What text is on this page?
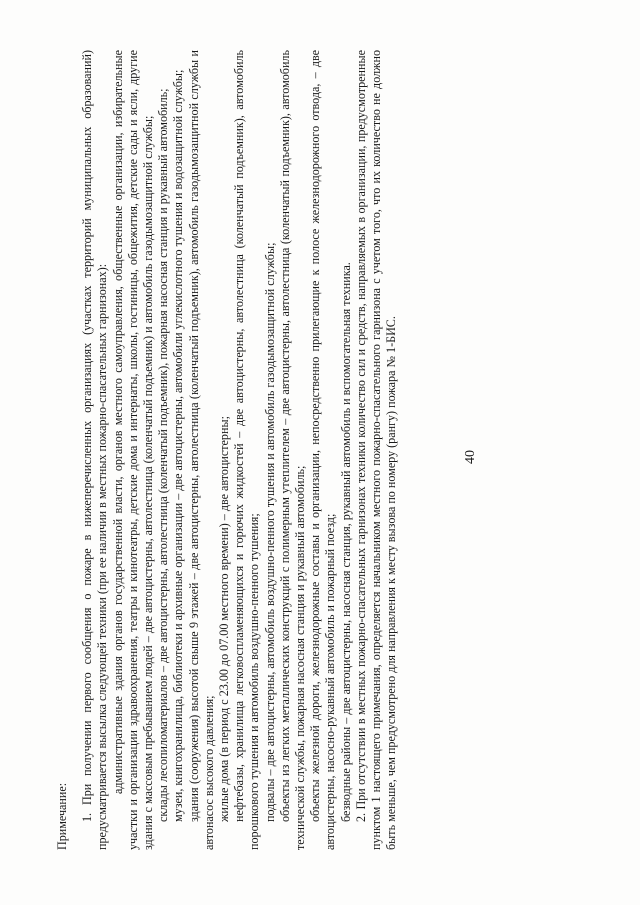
40

Примечание: 1. При получении первого сообщения о пожаре в нижеперечисленных организациях (участках территорий муниципальных образований) предусматривается высылка следующей техники (при ее наличии в местных пожарно-спасательных гарнизонах): административные здания органов государственной власти, органов местного самоуправления, общественные организации, избирательные участки и организации здравоохранения, театры и кинотеатры, детские дома и интернаты, школы, гостиницы, общежития, детские сады и ясли, другие здания с массовым пребыванием людей – две автоцистерны, автолестница (коленчатый подъемник) и автомобиль газодымозащитной службы; склады лесопиломатериалов – две автоцистерны, автолестница (коленчатый подъемник), пожарная насосная станция и рукавный автомобиль; музеи, книгохранилища, библиотеки и архивные организации – две автоцистерны, автомобили углекислотного тушения и водозащитной службы; здания (сооружения) высотой свыше 9 этажей – две автоцистерны, автолестница (коленчатый подъемник), автомобиль газодымозащитной службы и автонасос высокого давления; жилые дома (в период с 23.00 до 07.00 местного времени) – две автоцистерны; нефтебазы, хранилища легковоспламеняющихся и горючих жидкостей – две автоцистерны, автолестница (коленчатый подъемник), автомобиль порошкового тушения и автомобиль воздушно-пенного тушения; подвалы – две автоцистерны, автомобиль воздушно-пенного тушения и автомобиль газодымозащитной службы; объекты из легких металлических конструкций с полимерным утеплителем – две автоцистерны, автолестница (коленчатый подъемник), автомобиль технической службы, пожарная насосная станция и рукавный автомобиль; объекты железной дороги, железнодорожные составы и организации, непосредственно прилегающие к полосе железнодорожного отвода, – две автоцистерны, насосно-рукавный автомобиль и пожарный поезд; безводные районы – две автоцистерны, насосная станция, рукавный автомобиль и вспомогательная техника. 2. При отсутствии в местных пожарно-спасательных гарнизонах техники количество сил и средств, направляемых в организации, предусмотренные пунктом 1 настоящего примечания, определяется начальником местного пожарно-спасательного гарнизона с учетом того, что их количество не должно быть меньше, чем предусмотрено для направления к месту вызова по номеру (рангу) пожара № 1-БИС.
